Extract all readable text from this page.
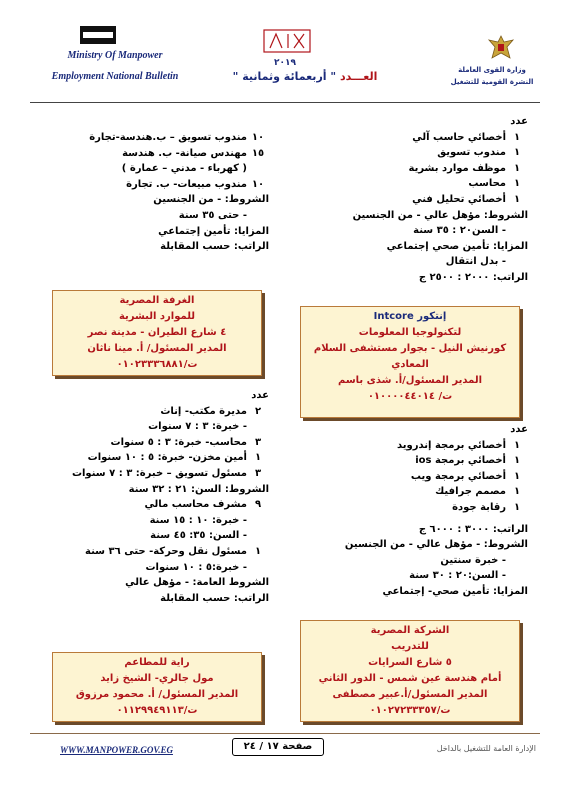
Ministry Of Manpower
Employment National Bulletin
٢٠١٩
العـــدد " أربعمائة وثمانية "	وزارة القوى العاملة
النشرة القومية للتشغيل
عدد
١أخصائي حاسب آلي
١مندوب تسويق
١موظف موارد بشرية
١محاسب
١أخصائي تحليل فني
الشروط: مؤهل عالي - من الجنسين
- السن٢٠ : ٣٥ سنة
المزايا: تأمين صحي إجتماعي
- بدل انتقال
الراتب: ٢٠٠٠ : ٢٥٠٠ ج
إنتكور Intcore
لتكنولوجيا المعلومات
كورنيش النيل - بجوار مستشفى السلام
المعادي
المدير المسئول/أ. شذى باسم
ت/ ٠١٠٠٠٠٤٤٠١٤
عدد
١أخصائي برمجة إندرويد
١أخصائي برمجة ios
١أخصائي برمجة ويب
١مصمم جرافيك
١رقابة جودة
الراتب: ٣٠٠٠ : ٦٠٠٠ ج
الشروط: - مؤهل عالي - من الجنسين
- خبرة سنتين
- السن:٢٠ : ٣٠ سنة
المزايا: تأمين صحي- إجتماعي
الشركة المصرية
للتدريب
٥ شارع السرايات
أمام هندسة عين شمس - الدور الثاني
المدير المسئول/أ.عبير مصطفى
ت/٠١٠٢٧٢٣٣٣٥٧
١٠مندوب تسويق – ب.هندسة-تجارة
١٥مهندس صيانة- ب. هندسة
( كهرباء - مدني – عمارة )
١٠مندوب مبيعات- ب. تجارة
الشروط: - من الجنسين
- حتى ٣٥ سنة
المزايا: تأمين إجتماعي
الراتب: حسب المقابلة
الغرفة المصرية
للموارد البشرية
٤ شارع الطيران - مدينة نصر
المدير المسئول/ أ. مينا ناثان
ت/٠١٠٢٣٣٣٦٨٨١
عدد
٢مديرة مكتب- إناث
- خبرة: ٣ : ٧ سنوات
٣محاسب- خبرة: ٣ : ٥ سنوات
١أمين مخزن- خبرة: ٥ : ١٠ سنوات
٣مسئول تسويق – خبرة: ٣ : ٧ سنوات
الشروط: السن: ٢١ : ٣٢ سنة
٩مشرف محاسب مالي
- خبرة: ١٠ : ١٥ سنة
- السن: ٣٥: ٤٥ سنة
١مسئول نقل وحركة- حتى ٣٦ سنة
- خبرة:٥ : ١٠ سنوات
الشروط العامة: - مؤهل عالي
الراتب: حسب المقابلة
راية للمطاعم
مول جالري- الشيخ زايد
المدير المسئول/ أ. محمود مرزوق
ت/٠١١٢٩٩٤٩١١٣
WWW.MANPOWER.GOV.EG	صفحة ١٧ / ٢٤	الإدارة العامة للتشغيل بالداخل
